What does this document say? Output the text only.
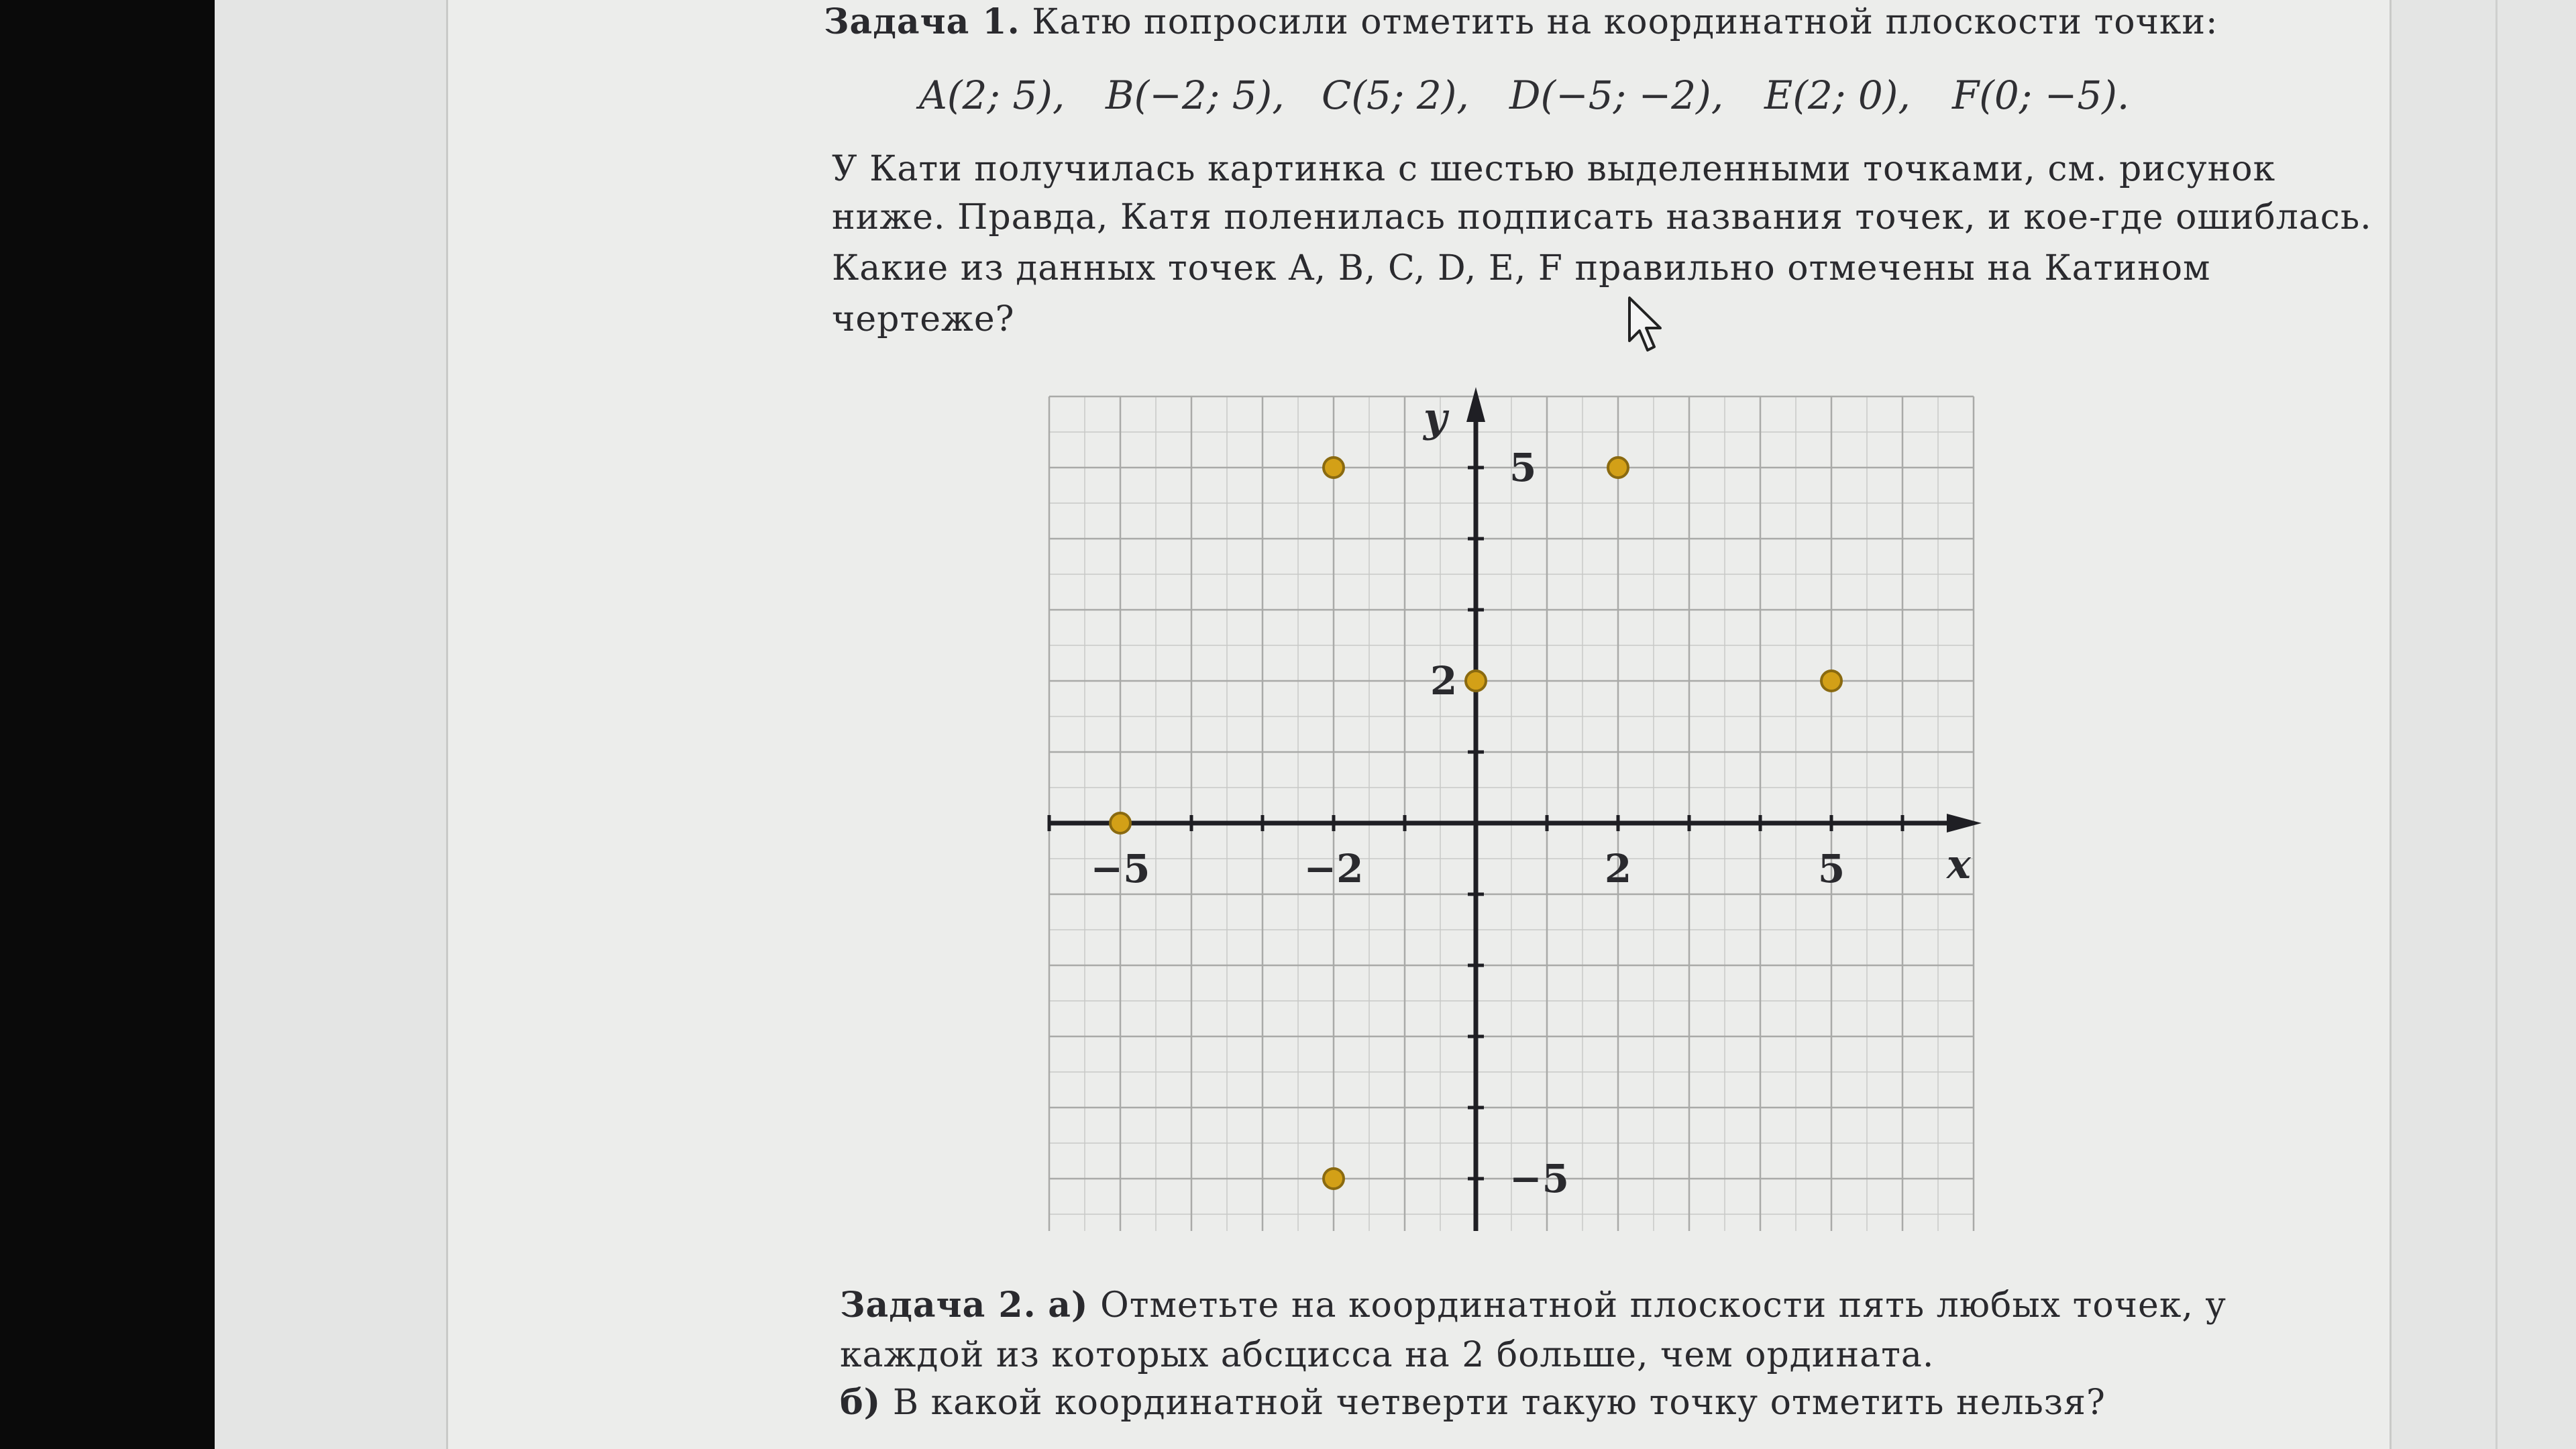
Задача 1. Катю попросили отметить на координатной плоскости точки:
A(2; 5), B(−2; 5), C(5; 2), D(−5; −2), E(2; 0), F(0; −5).
У Кати получилась картинка с шестью выделенными точками, см. рисунок
ниже. Правда, Катя поленилась подписать названия точек, и кое-где ошиблась.
Какие из данных точек A, B, C, D, E, F правильно отмечены на Катином
чертеже?
−5	−2	2	5
5
2
−5
x
y
Задача 2. а) Отметьте на координатной плоскости пять любых точек, у
каждой из которых абсцисса на 2 больше, чем ордината.
б) В какой координатной четверти такую точку отметить нельзя?
